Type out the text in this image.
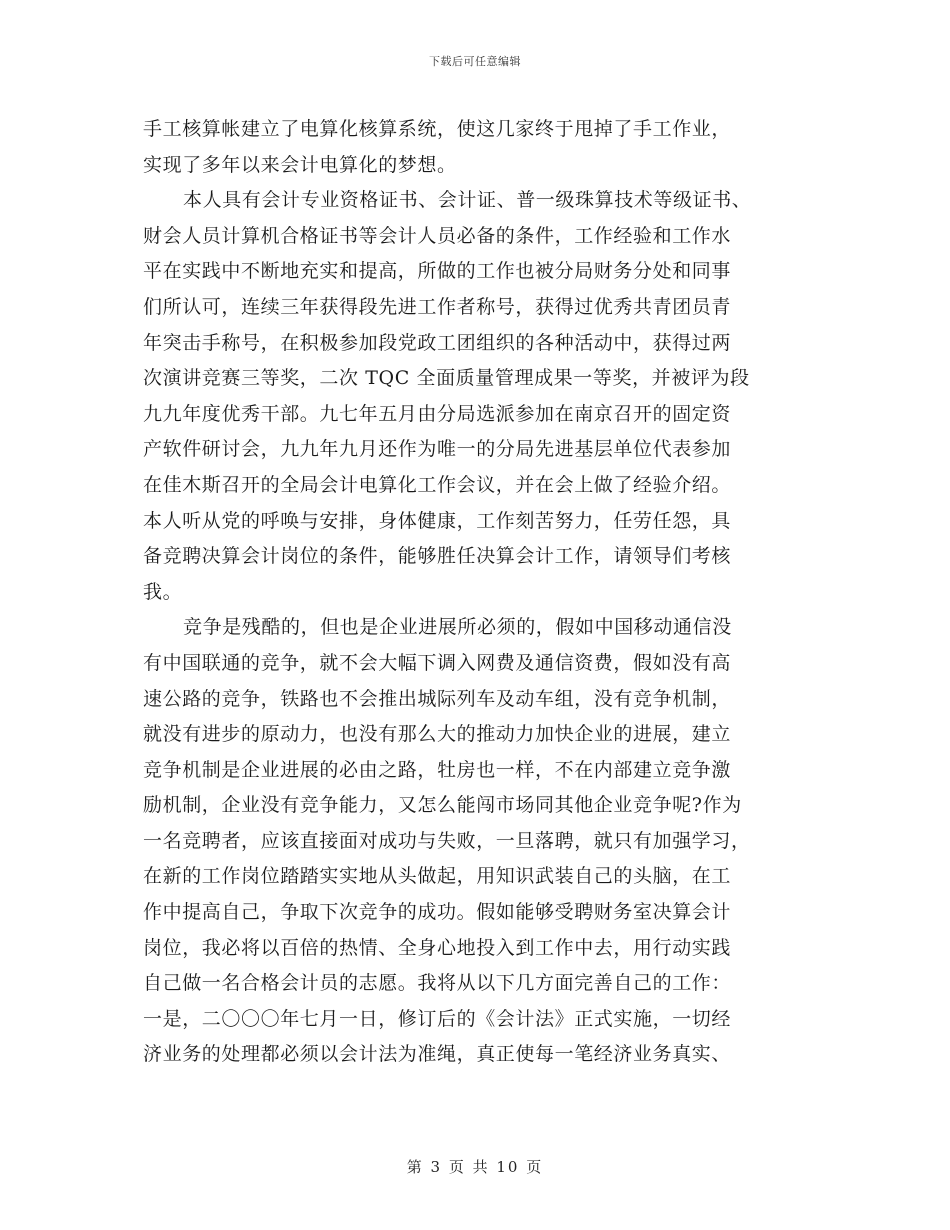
下载后可任意编辑
手工核算帐建立了电算化核算系统，使这几家终于甩掉了手工作业，
实现了多年以来会计电算化的梦想。
本人具有会计专业资格证书、会计证、普一级珠算技术等级证书、
财会人员计算机合格证书等会计人员必备的条件，工作经验和工作水
平在实践中不断地充实和提高，所做的工作也被分局财务分处和同事
们所认可，连续三年获得段先进工作者称号，获得过优秀共青团员青
年突击手称号，在积极参加段党政工团组织的各种活动中，获得过两
次演讲竞赛三等奖，二次 TQC 全面质量管理成果一等奖，并被评为段
九九年度优秀干部。九七年五月由分局选派参加在南京召开的固定资
产软件研讨会，九九年九月还作为唯一的分局先进基层单位代表参加
在佳木斯召开的全局会计电算化工作会议，并在会上做了经验介绍。
本人听从党的呼唤与安排，身体健康，工作刻苦努力，任劳任怨，具
备竞聘决算会计岗位的条件，能够胜任决算会计工作，请领导们考核
我。
竞争是残酷的，但也是企业进展所必须的，假如中国移动通信没
有中国联通的竞争，就不会大幅下调入网费及通信资费，假如没有高
速公路的竞争，铁路也不会推出城际列车及动车组，没有竞争机制，
就没有进步的原动力，也没有那么大的推动力加快企业的进展，建立
竞争机制是企业进展的必由之路，牡房也一样，不在内部建立竞争激
励机制，企业没有竞争能力，又怎么能闯市场同其他企业竞争呢?作为
一名竞聘者，应该直接面对成功与失败，一旦落聘，就只有加强学习，
在新的工作岗位踏踏实实地从头做起，用知识武装自己的头脑，在工
作中提高自己，争取下次竞争的成功。假如能够受聘财务室决算会计
岗位，我必将以百倍的热情、全身心地投入到工作中去，用行动实践
自己做一名合格会计员的志愿。我将从以下几方面完善自己的工作：
一是，二〇〇〇年七月一日，修订后的《会计法》正式实施，一切经
济业务的处理都必须以会计法为准绳，真正使每一笔经济业务真实、
第 3 页 共 10 页
